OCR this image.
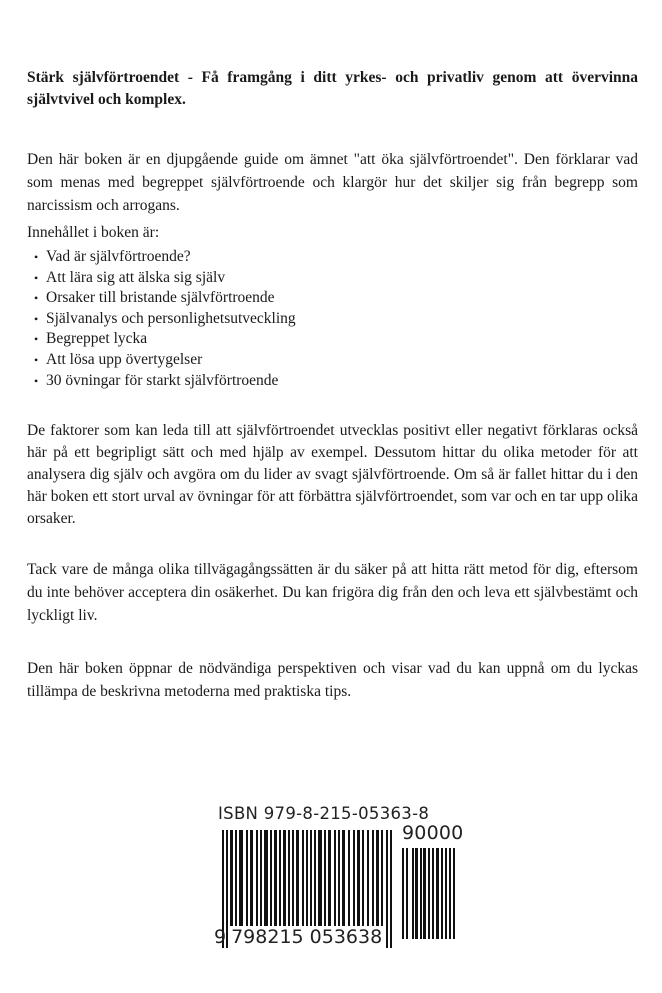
Stärk självförtroendet - Få framgång i ditt yrkes- och privatliv genom att övervinna självtvivel och komplex.

Den här boken är en djupgående guide om ämnet "att öka självförtroendet". Den förklarar vad som menas med begreppet självförtroende och klargör hur det skiljer sig från begrepp som narcissism och arrogans.

Innehållet i boken är:

• Vad är självförtroende?
• Att lära sig att älska sig själv
• Orsaker till bristande självförtroende
• Självanalys och personlighetsutveckling
• Begreppet lycka
• Att lösa upp övertygelser
• 30 övningar för starkt självförtroende

De faktorer som kan leda till att självförtroendet utvecklas positivt eller negativt förklaras också här på ett begripligt sätt och med hjälp av exempel. Dessutom hittar du olika metoder för att analysera dig själv och avgöra om du lider av svagt självförtroende. Om så är fallet hittar du i den här boken ett stort urval av övningar för att förbättra självförtroendet, som var och en tar upp olika orsaker.

Tack vare de många olika tillvägagångssätten är du säker på att hitta rätt metod för dig, eftersom du inte behöver acceptera din osäkerhet. Du kan frigöra dig från den och leva ett självbestämt och lyckligt liv.

Den här boken öppnar de nödvändiga perspektiven och visar vad du kan uppnå om du lyckas tillämpa de beskrivna metoderna med praktiska tips.

ISBN 979-8-215-05363-8
90000
9 798215 053638
